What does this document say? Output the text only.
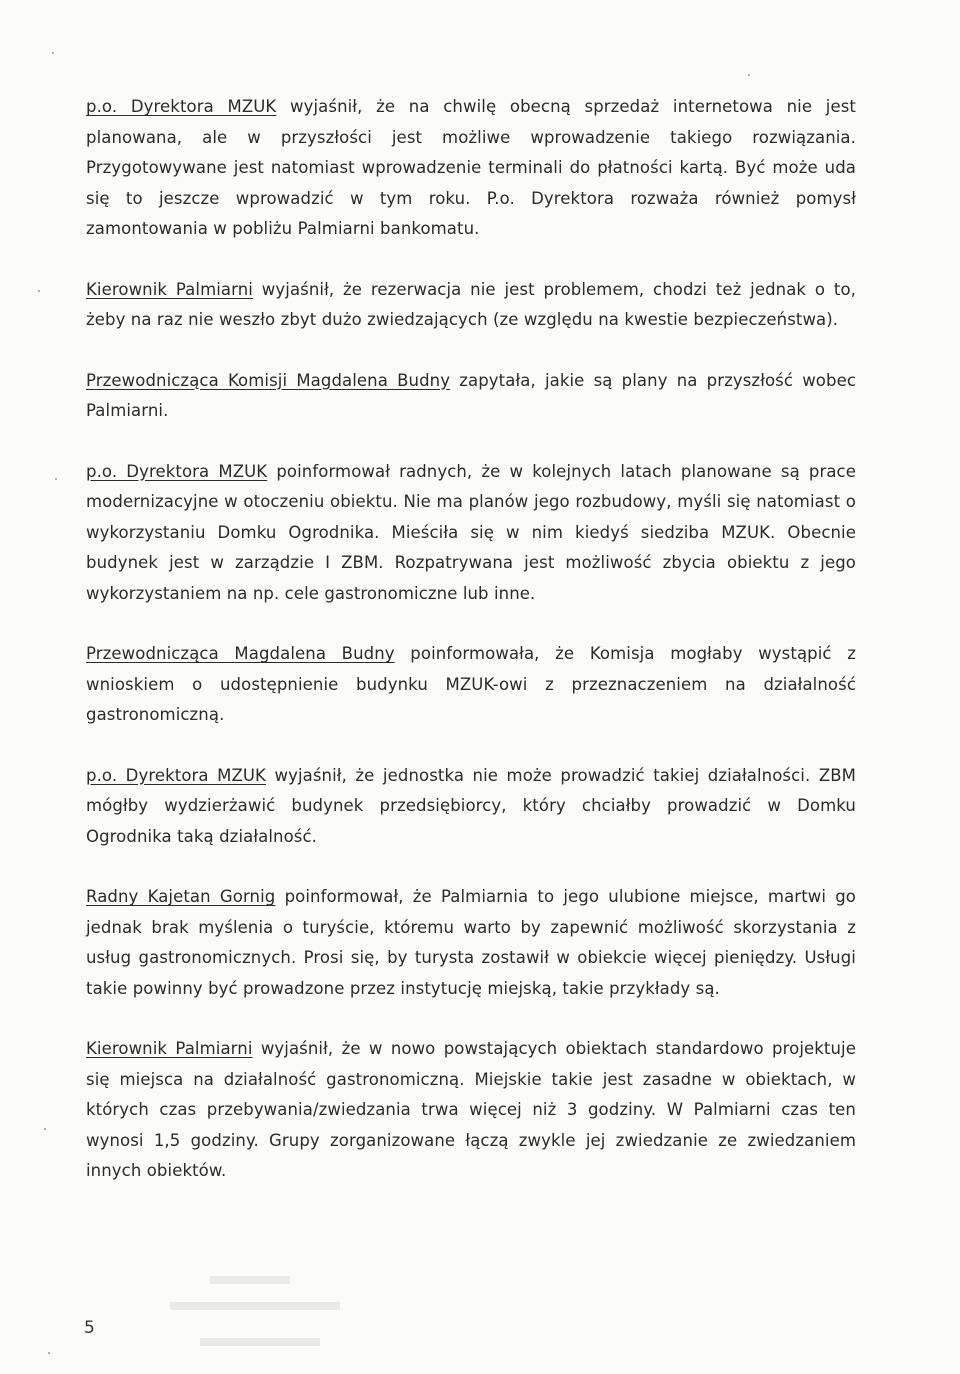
p.o. Dyrektora MZUK wyjaśnił, że na chwilę obecną sprzedaż internetowa nie jest planowana, ale w przyszłości jest możliwe wprowadzenie takiego rozwiązania. Przygotowywane jest natomiast wprowadzenie terminali do płatności kartą. Być może uda się to jeszcze wprowadzić w tym roku. P.o. Dyrektora rozważa również pomysł zamontowania w pobliżu Palmiarni bankomatu.

Kierownik Palmiarni wyjaśnił, że rezerwacja nie jest problemem, chodzi też jednak o to, żeby na raz nie weszło zbyt dużo zwiedzających (ze względu na kwestie bezpieczeństwa).

Przewodnicząca Komisji Magdalena Budny zapytała, jakie są plany na przyszłość wobec Palmiarni.

p.o. Dyrektora MZUK poinformował radnych, że w kolejnych latach planowane są prace modernizacyjne w otoczeniu obiektu. Nie ma planów jego rozbudowy, myśli się natomiast o wykorzystaniu Domku Ogrodnika. Mieściła się w nim kiedyś siedziba MZUK. Obecnie budynek jest w zarządzie I ZBM. Rozpatrywana jest możliwość zbycia obiektu z jego wykorzystaniem na np. cele gastronomiczne lub inne.

Przewodnicząca Magdalena Budny poinformowała, że Komisja mogłaby wystąpić z wnioskiem o udostępnienie budynku MZUK-owi z przeznaczeniem na działalność gastronomiczną.

p.o. Dyrektora MZUK wyjaśnił, że jednostka nie może prowadzić takiej działalności. ZBM mógłby wydzierżawić budynek przedsiębiorcy, który chciałby prowadzić w Domku Ogrodnika taką działalność.

Radny Kajetan Gornig poinformował, że Palmiarnia to jego ulubione miejsce, martwi go jednak brak myślenia o turyście, któremu warto by zapewnić możliwość skorzystania z usług gastronomicznych. Prosi się, by turysta zostawił w obiekcie więcej pieniędzy. Usługi takie powinny być prowadzone przez instytucję miejską, takie przykłady są.

Kierownik Palmiarni wyjaśnił, że w nowo powstających obiektach standardowo projektuje się miejsca na działalność gastronomiczną. Miejskie takie jest zasadne w obiektach, w których czas przebywania/zwiedzania trwa więcej niż 3 godziny. W Palmiarni czas ten wynosi 1,5 godziny. Grupy zorganizowane łączą zwykle jej zwiedzanie ze zwiedzaniem innych obiektów.

5
